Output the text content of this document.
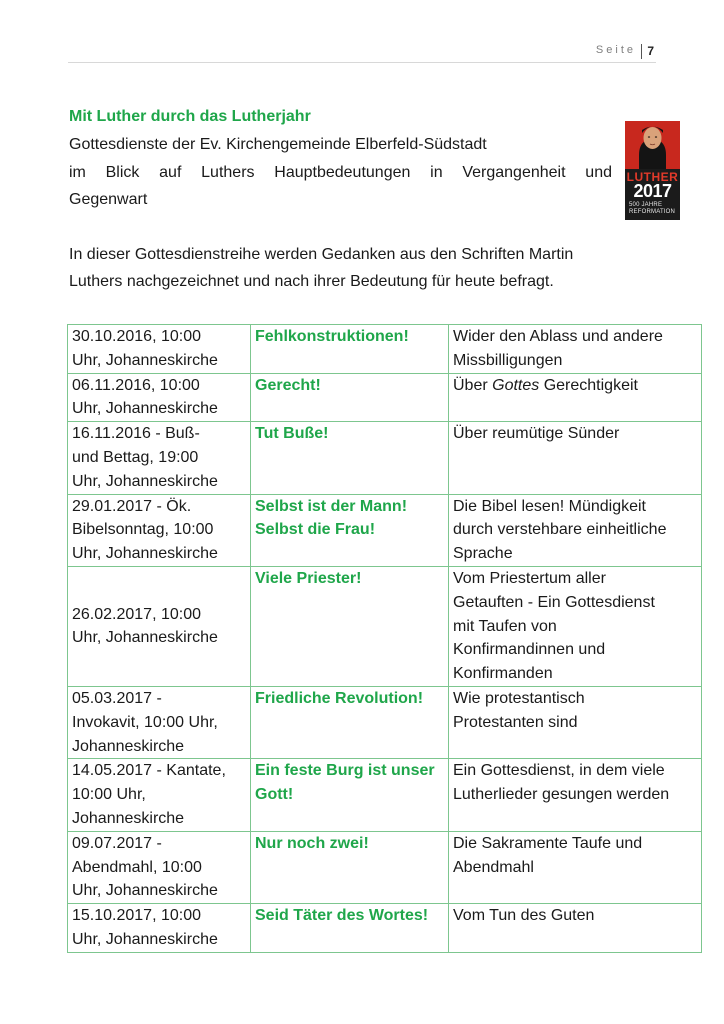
Seite 7
Mit Luther durch das Lutherjahr
Gottesdienste der Ev. Kirchengemeinde Elberfeld-Südstadt
im Blick auf Luthers Hauptbedeutungen in Vergangenheit und
Gegenwart
LUTHER
2017
500 JAHRE
REFORMATION
In dieser Gottesdienstreihe werden Gedanken aus den Schriften Martin
Luthers nachgezeichnet und nach ihrer Bedeutung für heute befragt.
30.10.2016, 10:00
Uhr, Johanneskirche	Fehlkonstruktionen!	Wider den Ablass und andere
Missbilligungen
06.11.2016, 10:00
Uhr, Johanneskirche	Gerecht!	Über Gottes Gerechtigkeit
16.11.2016 - Buß-
und Bettag, 19:00
Uhr, Johanneskirche	Tut Buße!	Über reumütige Sünder
29.01.2017 - Ök.
Bibelsonntag, 10:00
Uhr, Johanneskirche	Selbst ist der Mann!
Selbst die Frau!	Die Bibel lesen! Mündigkeit
durch verstehbare einheitliche
Sprache
26.02.2017, 10:00
Uhr, Johanneskirche	Viele Priester!	Vom Priestertum aller
Getauften - Ein Gottesdienst
mit Taufen von
Konfirmandinnen und
Konfirmanden
05.03.2017 -
Invokavit, 10:00 Uhr,
Johanneskirche	Friedliche Revolution!	Wie protestantisch
Protestanten sind
14.05.2017 - Kantate,
10:00 Uhr,
Johanneskirche	Ein feste Burg ist unser
Gott!	Ein Gottesdienst, in dem viele
Lutherlieder gesungen werden
09.07.2017 -
Abendmahl, 10:00
Uhr, Johanneskirche	Nur noch zwei!	Die Sakramente Taufe und
Abendmahl
15.10.2017, 10:00
Uhr, Johanneskirche	Seid Täter des Wortes!	Vom Tun des Guten
